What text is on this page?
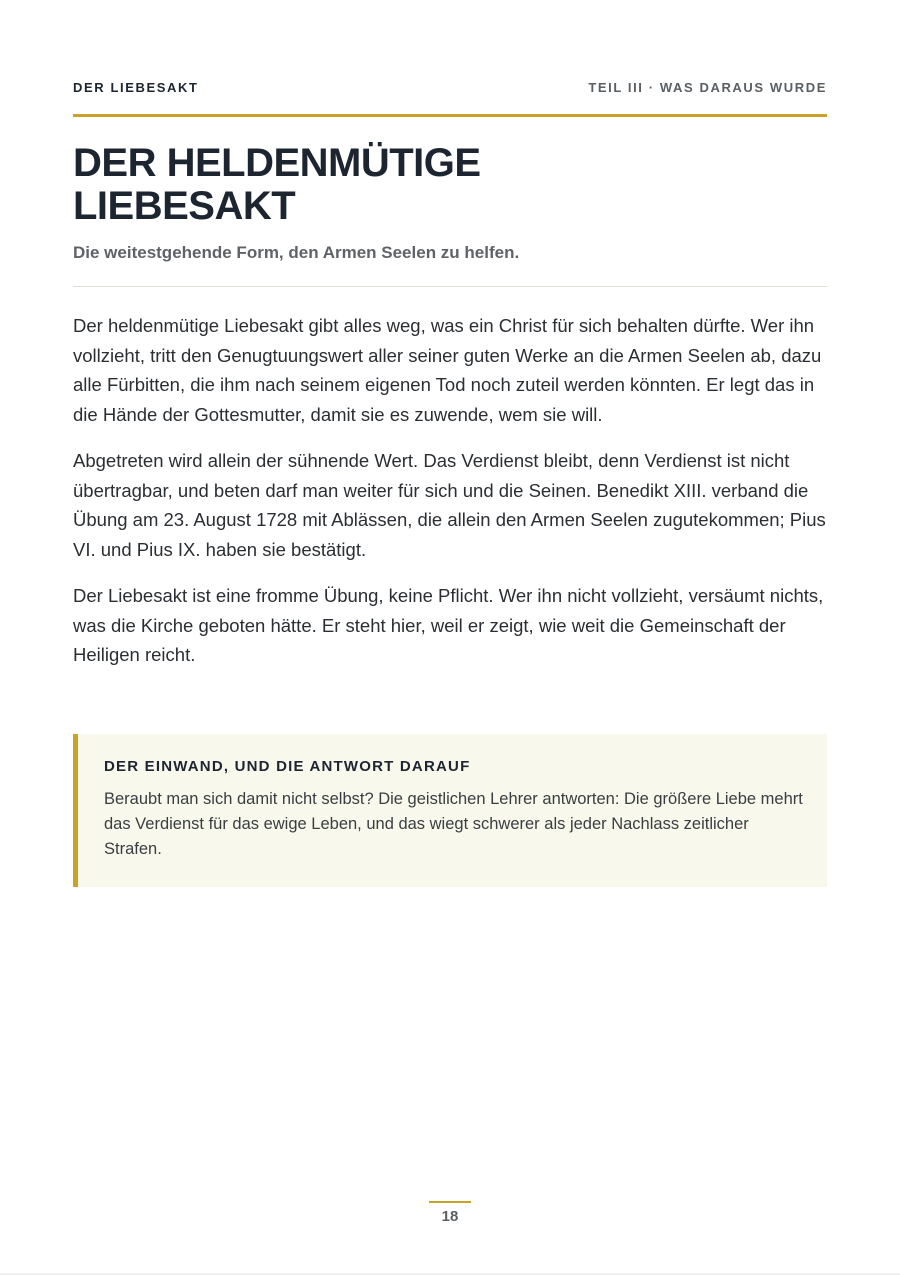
DER LIEBESAKT	TEIL III · WAS DARAUS WURDE
DER HELDENMÜTIGE LIEBESAKT
Die weitestgehende Form, den Armen Seelen zu helfen.

Der heldenmütige Liebesakt gibt alles weg, was ein Christ für sich behalten dürfte. Wer ihn vollzieht, tritt den Genugtuungswert aller seiner guten Werke an die Armen Seelen ab, dazu alle Fürbitten, die ihm nach seinem eigenen Tod noch zuteil werden könnten. Er legt das in die Hände der Gottesmutter, damit sie es zuwende, wem sie will.

Abgetreten wird allein der sühnende Wert. Das Verdienst bleibt, denn Verdienst ist nicht übertragbar, und beten darf man weiter für sich und die Seinen. Benedikt XIII. verband die Übung am 23. August 1728 mit Ablässen, die allein den Armen Seelen zugutekommen; Pius VI. und Pius IX. haben sie bestätigt.

Der Liebesakt ist eine fromme Übung, keine Pflicht. Wer ihn nicht vollzieht, versäumt nichts, was die Kirche geboten hätte. Er steht hier, weil er zeigt, wie weit die Gemeinschaft der Heiligen reicht.

DER EINWAND, UND DIE ANTWORT DARAUF
Beraubt man sich damit nicht selbst? Die geistlichen Lehrer antworten: Die größere Liebe mehrt das Verdienst für das ewige Leben, und das wiegt schwerer als jeder Nachlass zeitlicher Strafen.
18
